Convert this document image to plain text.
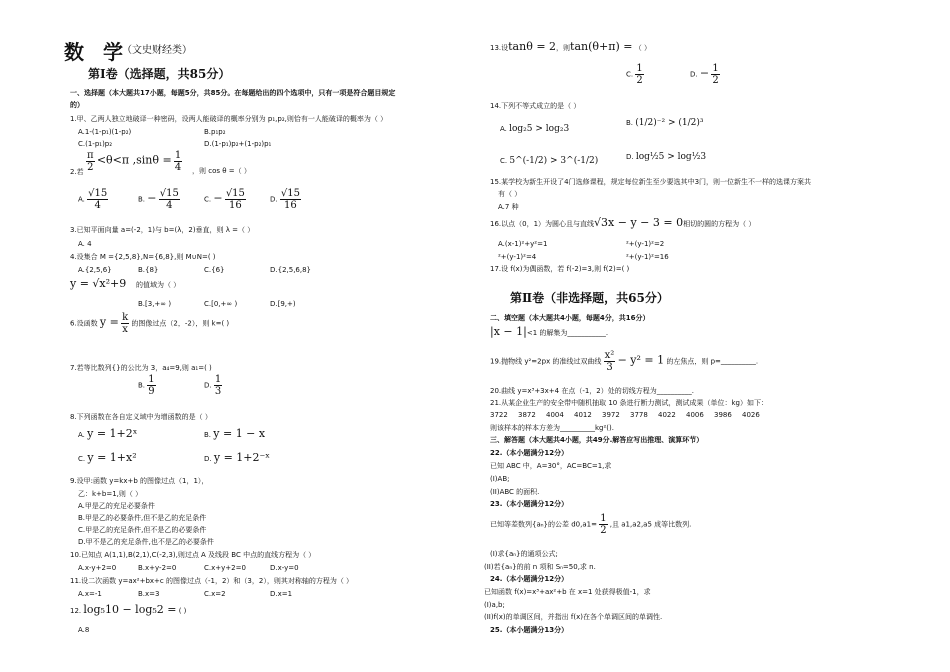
数 学
（文史财经类）
第Ⅰ卷（选择题，共85分）
一、选择题（本大题共17小题，每题5分，共85分。在每题给出的四个选项中，只有一项是符合题目规定
的）
1.甲、乙两人独立地破译一种密码，设两人能破译的概率分别为 p₁,p₂,则恰有一人能破译的概率为（ ）
A.1-(1-p₁)(1-p₂)	B.p₁p₂
C.(1-p₁)p₂	D.(1-p₁)p₂+(1-p₂)p₁
2.若 $\frac{\pi}{2} <\theta<\pi$ $,\sin\theta = \frac{1}{4}$ ，则 cos θ =（ ）
A. $\frac{√15}{4}$	B. − $\frac{√15}{4}$	C. − $\frac{√15}{16}$	D. $\frac{√15}{16}$
3.已知平面向量 a=(-2，1)与 b=(λ，2)垂直，则 λ =（ ）
A. 4
4.设集合 M ={2,5,8},N={6,8},则 M∪N=( )
A.{2,5,6}	B.{8}	C.{6}	D.{2,5,6,8}
y = √x²+9 的值域为（ ）
B.[3,+∞ )	C.[0,+∞ )	D.[9,+)
6.设函数 $y = \frac{k}{x}$ 的图像过点（2，-2），则 k=( )
7.若等比数列{}的公比为 3，a₄=9,则 a₁=( )
B. $\frac{1}{9}$	D. $\frac{1}{3}$
8.下列函数在各自定义域中为增函数的是（ ）
A. y = 1+2ˣ	B. y = 1 − x
C. y = 1+x²	D. y = 1+2⁻ˣ
9.设甲:函数 y=kx+b 的图像过点（1，1），
乙：k+b=1,则（ ）
A.甲是乙的充足必要条件
B.甲是乙的必要条件,但不是乙的充足条件
C.甲是乙的充足条件,但不是乙的必要条件
D.甲不是乙的充足条件,也不是乙的必要条件
10.已知点 A(1,1),B(2,1),C(-2,3),则过点 A 及线段 BC 中点的直线方程为（ ）
A.x-y+2=0	B.x+y-2=0	C.x+y+2=0	D.x-y=0
11.设二次函数 y=ax²+bx+c 的图像过点（-1，2）和（3，2），则其对称轴的方程为（ ）
A.x=-1	B.x=3	C.x=2	D.x=1
12. log₅10 − log₅2 = ( )
A.8
13.设tanθ = 2，则tan(θ+π) = （ ）
C. $\frac{1}{2}$	D. − $\frac{1}{2}$
14.下列不等式成立的是（ ）
A. log₂5 > log₂3
B. (1/2)⁻² > (1/2)³
C. 5^(-1/2) > 3^(-1/2)	D. log½5 > log½3
15.某学校为新生开设了4门选修课程，规定每位新生至少要选其中3门，则一位新生不一样的选课方案共
有（ ）
A.7 种
16.以点（0，1）为圆心且与直线√3x − y − 3 = 0相切的圆的方程为（ ）
A.(x-1)²+y²=1	²+(y-1)²=2
²+(y-1)²=4	²+(y-1)²=16
17.设 f(x)为偶函数，若 f(-2)=3,则 f(2)=( )
第Ⅱ卷（非选择题，共65分）
二、填空题（本大题共4小题，每题4分，共16分）
|x − 1|<1 的解集为___________.
19.抛物线 y²=2px 的准线过双曲线 $\frac{\text{x²}}{3} - y^2 = 1$ 的左焦点，则 p=__________.
20.曲线 y=x³+3x+4 在点（-1，2）处的切线方程为__________.
21.从某企业生产的安全带中随机抽取 10 条进行断力测试，测试成果（单位：kg）如下：
3722 3872 4004 4012 3972 3778 4022 4006 3986 4026
则该样本的样本方差为__________kg²().
三、解答题（本大题共4小题，共49分.解答应写出推理、演算环节）
22.（本小题满分12分）
已知 ABC 中，A=30°，AC=BC=1,求
(I)AB;
(II)ABC 的面积.
23.（本小题满分12分）
已知等差数列{aₙ}的公差 $d0,a1= \frac{1}{2}$ ,且 a1,a2,a5 成等比数列.
(I)求{aₙ}的通项公式;
(II)若{aₙ}的前 n 项和 Sₙ=50,求 n.
24.（本小题满分12分）
已知函数 f(x)=x³+ax²+b 在 x=1 处获得极值-1，求
(I)a,b;
(II)f(x)的单调区间，并指出 f(x)在各个单调区间的单调性.
25.（本小题满分13分）
